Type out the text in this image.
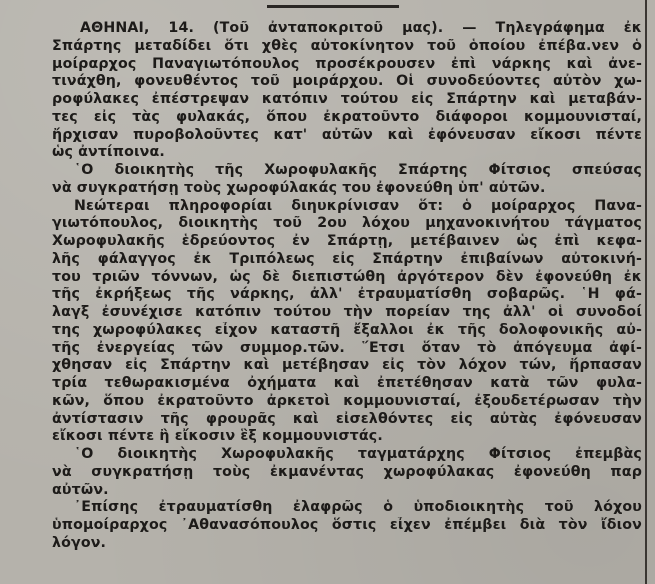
ΑΘΗΝΑΙ, 14. (Τοῦ ἀνταποκριτοῦ μας). — Τηλεγράφημα ἐκ
Σπάρτης μεταδίδει ὅτι χθὲς αὐτοκίνητον τοῦ ὁποίου ἐπέβα.νεν ὁ
μοίραρχος Παναγιωτόπουλος προσέκρουσεν ἐπὶ νάρκης καὶ ἀνε-
τινάχθη, φονευθέντος τοῦ μοιράρχου. Οἱ συνοδεύοντες αὐτὸν χω-
ροφύλακες ἐπέστρεψαν κατόπιν τούτου εἰς Σπάρτην καὶ μεταβάν-
τες εἰς τὰς φυλακάς, ὅπου ἐκρατοῦντο διάφοροι κομμουνισταί,
ἤρχισαν πυροβολοῦντες κατ' αὐτῶν καὶ ἐφόνευσαν εἴκοσι πέντε
ὡς ἀντίποινα.
῾Ο διοικητὴς τῆς Χωροφυλακῆς Σπάρτης Φίτσιος σπεύσας
νὰ συγκρατήσῃ τοὺς χωροφύλακάς του ἐφονεύθη ὑπ' αὐτῶν.
Νεώτεραι πληροφορίαι διηυκρίνισαν ὅτ: ὁ μοίραρχος Πανα-
γιωτόπουλος, διοικητὴς τοῦ 2ου λόχου μηχανοκινήτου τάγματος
Χωροφυλακῆς ἑδρεύοντος ἐν Σπάρτῃ, μετέβαινεν ὡς ἐπὶ κεφα-
λῆς φάλαγγος ἐκ Τριπόλεως εἰς Σπάρτην ἐπιβαίνων αὐτοκινή-
του τριῶν τόννων, ὡς δὲ διεπιστώθη ἀργότερον δὲν ἐφονεύθη ἐκ
τῆς ἐκρήξεως τῆς νάρκης, ἀλλ' ἐτραυματίσθη σοβαρῶς. ῾Η φά-
λαγξ ἐσυνέχισε κατόπιν τούτου τὴν πορείαν της ἀλλ' οἱ συνοδοί
της χωροφύλακες εἶχον καταστῆ ἔξαλλοι ἐκ τῆς δολοφονικῆς αὐ-
τῆς ἐνεργείας τῶν συμμορ.τῶν. ῞Ετσι ὅταν τὸ ἀπόγευμα ἀφί-
χθησαν εἰς Σπάρτην καὶ μετέβησαν εἰς τὸν λόχον τών, ἥρπασαν
τρία τεθωρακισμένα ὀχήματα καὶ ἐπετέθησαν κατὰ τῶν φυλα-
κῶν, ὅπου ἐκρατοῦντο ἀρκετοὶ κομμουνισταί, ἐξουδετέρωσαν τὴν
ἀντίστασιν τῆς φρουρᾶς καὶ εἰσελθόντες εἰς αὐτὰς ἐφόνευσαν
εἴκοσι πέντε ἢ εἴκοσιν ἓξ κομμουνιστάς.
῾Ο διοικητὴς Χωροφυλακῆς ταγματάρχης Φίτσιος ἐπεμβὰς
νὰ συγκρατήσῃ τοὺς ἐκμανέντας χωροφύλακας ἐφονεύθη παρ
αὐτῶν.
᾿Επίσης ἐτραυματίσθη ἐλαφρῶς ὁ ὑποδιοικητὴς τοῦ λόχου
ὑπομοίραρχος ᾿Αθανασόπουλος ὅστις εἶχεν ἐπέμβει διὰ τὸν ἴδιον
λόγον.
